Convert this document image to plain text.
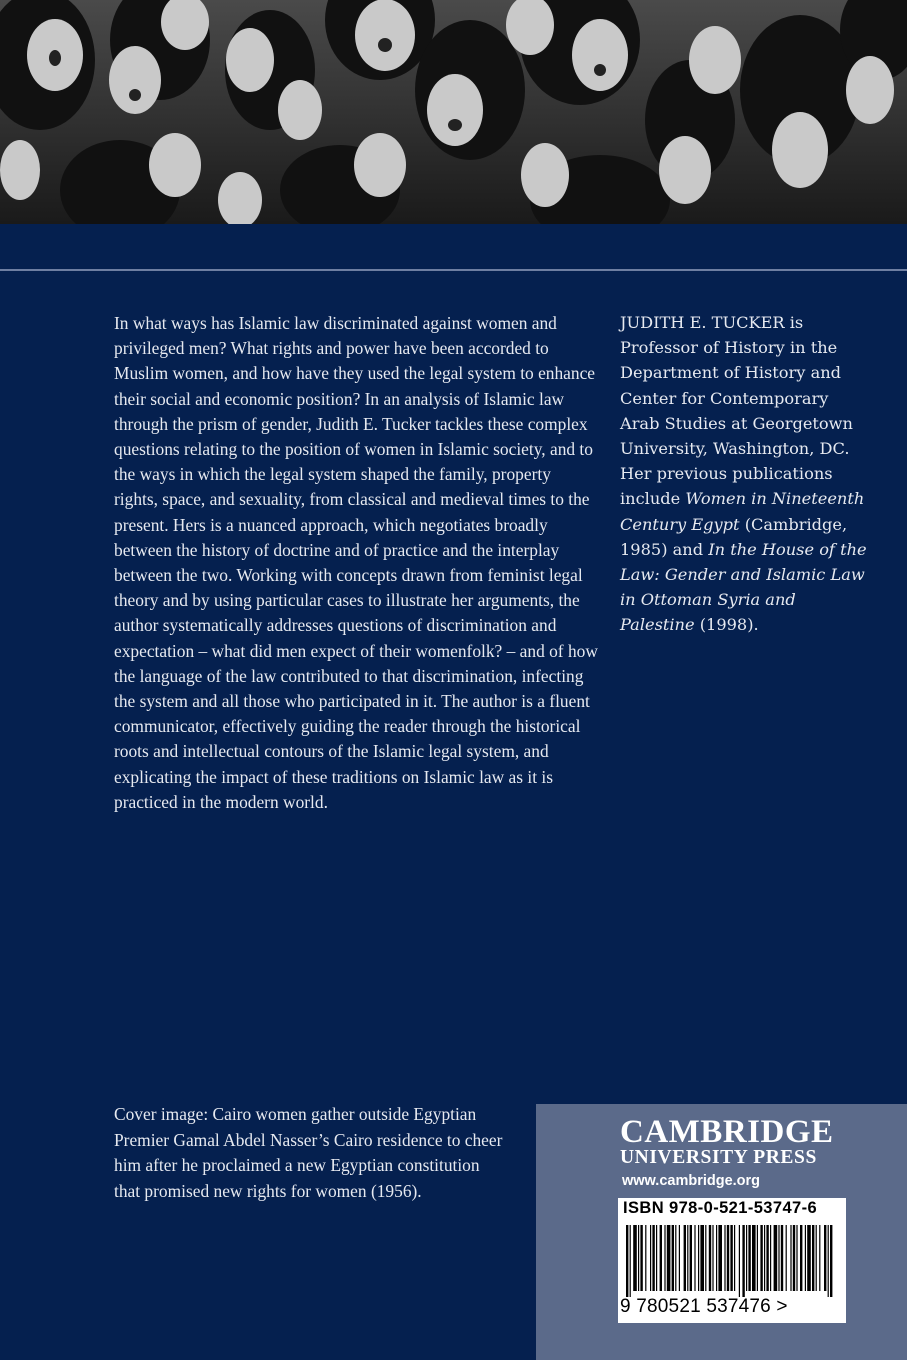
In what ways has Islamic law discriminated against women and privileged men? What rights and power have been accorded to Muslim women, and how have they used the legal system to enhance their social and economic position? In an analysis of Islamic law through the prism of gender, Judith E. Tucker tackles these complex questions relating to the position of women in Islamic society, and to the ways in which the legal system shaped the family, property rights, space, and sexuality, from classical and medieval times to the present. Hers is a nuanced approach, which negotiates broadly between the history of doctrine and of practice and the interplay between the two. Working with concepts drawn from feminist legal theory and by using particular cases to illustrate her arguments, the author systematically addresses questions of discrimination and expectation – what did men expect of their womenfolk? – and of how the language of the law contributed to that discrimination, infecting the system and all those who participated in it. The author is a fluent communicator, effectively guiding the reader through the historical roots and intellectual contours of the Islamic legal system, and explicating the impact of these traditions on Islamic law as it is practiced in the modern world.

JUDITH E. TUCKER is Professor of History in the Department of History and Center for Contemporary Arab Studies at Georgetown University, Washington, DC. Her previous publications include Women in Nineteenth Century Egypt (Cambridge, 1985) and In the House of the Law: Gender and Islamic Law in Ottoman Syria and Palestine (1998).

Cover image: Cairo women gather outside Egyptian Premier Gamal Abdel Nasser’s Cairo residence to cheer him after he proclaimed a new Egyptian constitution that promised new rights for women (1956).

CAMBRIDGE
UNIVERSITY PRESS
www.cambridge.org
ISBN 978-0-521-53747-6
9 780521 537476 >
